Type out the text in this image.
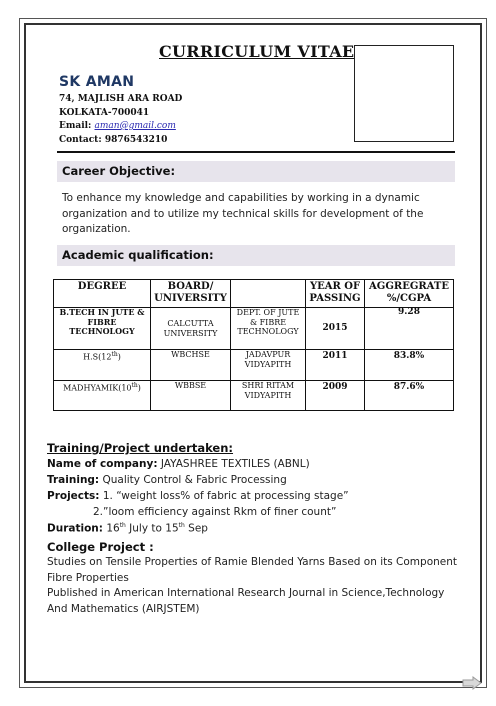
CURRICULUM VITAE
SK AMAN
74, MAJLISH ARA ROAD
KOLKATA-700041
Email: aman@gmail.com
Contact: 9876543210
Career Objective:
To enhance my knowledge and capabilities by working in a dynamic organization and to utilize my technical skills for development of the organization.
Academic qualification:
DEGREE	BOARD/ UNIVERSITY		YEAR OF PASSING	AGGREGRATE %/CGPA
B.TECH IN JUTE & FIBRE TECHNOLOGY	CALCUTTA UNIVERSITY	DEPT. OF JUTE & FIBRE TECHNOLOGY	2015	9.28
H.S(12th)	WBCHSE	JADAVPUR VIDYAPITH	2011	83.8%
MADHYAMIK(10th)	WBBSE	SHRI RITAM VIDYAPITH	2009	87.6%
Training/Project undertaken:
Name of company: JAYASHREE TEXTILES (ABNL)
Training: Quality Control & Fabric Processing
Projects: 1. “weight loss% of fabric at processing stage”
2.”loom efficiency against Rkm of finer count”
Duration: 16th July to 15th Sep
College Project :
Studies on Tensile Properties of Ramie Blended Yarns Based on its Component Fibre Properties
Published in American International Research Journal in Science,Technology And Mathematics (AIRJSTEM)
